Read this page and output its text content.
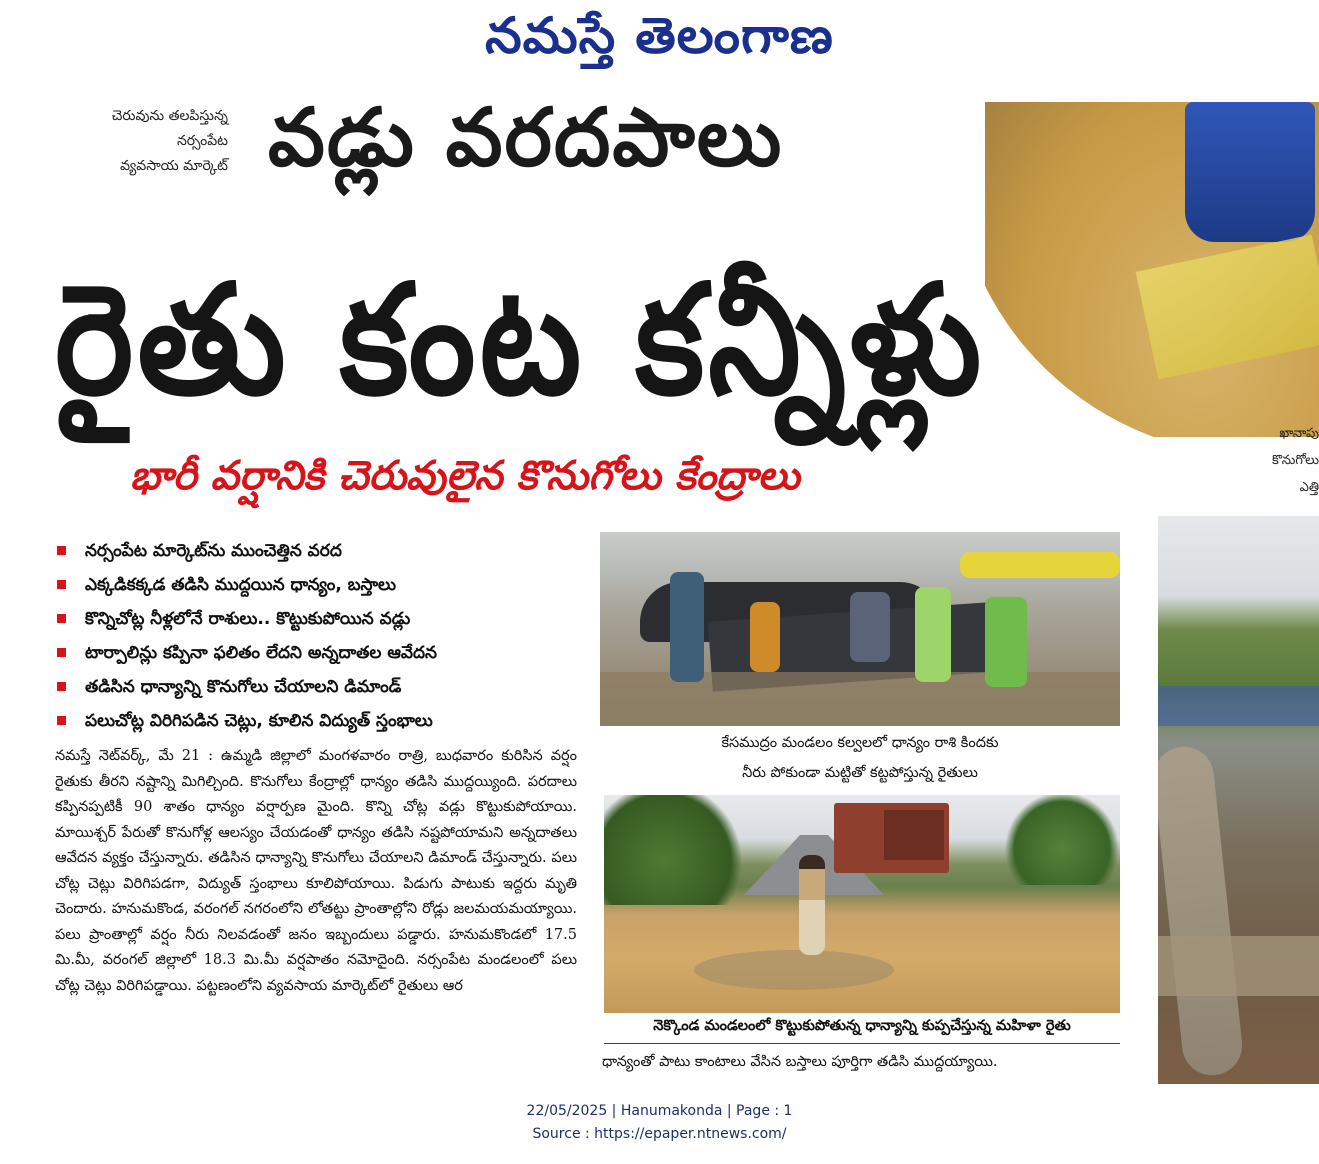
నమస్తే తెలంగాణ
చెరువును తలపిస్తున్న
నర్సంపేట
వ్యవసాయ మార్కెట్ వడ్లు వరదపాలు
రైతు కంట కన్నీళ్లు
ఖానాపు
కొనుగోలు
ఎత్తి
భారీ వర్షానికి చెరువులైన కొనుగోలు కేంద్రాలు
నర్సంపేట మార్కెట్‌ను ముంచెత్తిన వరద
ఎక్కడికక్కడ తడిసి ముద్దయిన ధాన్యం, బస్తాలు
కొన్నిచోట్ల నీళ్లలోనే రాశులు.. కొట్టుకుపోయిన వడ్లు
టార్పాలిన్లు కప్పినా ఫలితం లేదని అన్నదాతల ఆవేదన
తడిసిన ధాన్యాన్ని కొనుగోలు చేయాలని డిమాండ్
పలుచోట్ల విరిగిపడిన చెట్లు, కూలిన విద్యుత్ స్తంభాలు
నమస్తే నెట్‌వర్క్, మే 21 : ఉమ్మడి జిల్లాలో మంగళవారం రాత్రి, బుధవారం కురిసిన వర్షం రైతుకు తీరని నష్టాన్ని మిగిల్చింది. కొనుగోలు కేంద్రాల్లో ధాన్యం తడిసి ముద్దయ్యింది. పరదాలు కప్పినప్పటికీ 90 శాతం ధాన్యం వర్షార్పణ మైంది. కొన్ని చోట్ల వడ్లు కొట్టుకుపోయాయి. మాయిశ్చర్ పేరుతో కొనుగోళ్ల ఆలస్యం చేయడంతో ధాన్యం తడిసి నష్టపోయామని అన్నదాతలు ఆవేదన వ్యక్తం చేస్తున్నారు. తడిసిన ధాన్యాన్ని కొనుగోలు చేయాలని డిమాండ్ చేస్తున్నారు. పలు చోట్ల చెట్లు విరిగిపడగా, విద్యుత్ స్తంభాలు కూలిపోయాయి. పిడుగు పాటుకు ఇద్దరు మృతి చెందారు. హనుమకొండ, వరంగల్ నగరంలోని లోతట్టు ప్రాంతాల్లోని రోడ్లు జలమయమయ్యాయి. పలు ప్రాంతాల్లో వర్షం నీరు నిలవడంతో జనం ఇబ్బందులు పడ్డారు. హనుమకొండలో 17.5 మి.మీ, వరంగల్ జిల్లాలో 18.3 మి.మీ వర్షపాతం నమోదైంది. నర్సంపేట మండలంలో పలు చోట్ల చెట్లు విరిగిపడ్డాయి. పట్టణంలోని వ్యవసాయ మార్కెట్‌లో రైతులు ఆర
కేసముద్రం మండలం కల్వలలో ధాన్యం రాశి కిందకు
నీరు పోకుండా మట్టితో కట్టపోస్తున్న రైతులు
నెక్కొండ మండలంలో కొట్టుకుపోతున్న ధాన్యాన్ని కుప్పచేస్తున్న మహిళా రైతు
ధాన్యంతో పాటు కాంటాలు వేసిన బస్తాలు పూర్తిగా తడిసి ముద్దయ్యాయి.
22/05/2025 | Hanumakonda | Page : 1
Source : https://epaper.ntnews.com/
